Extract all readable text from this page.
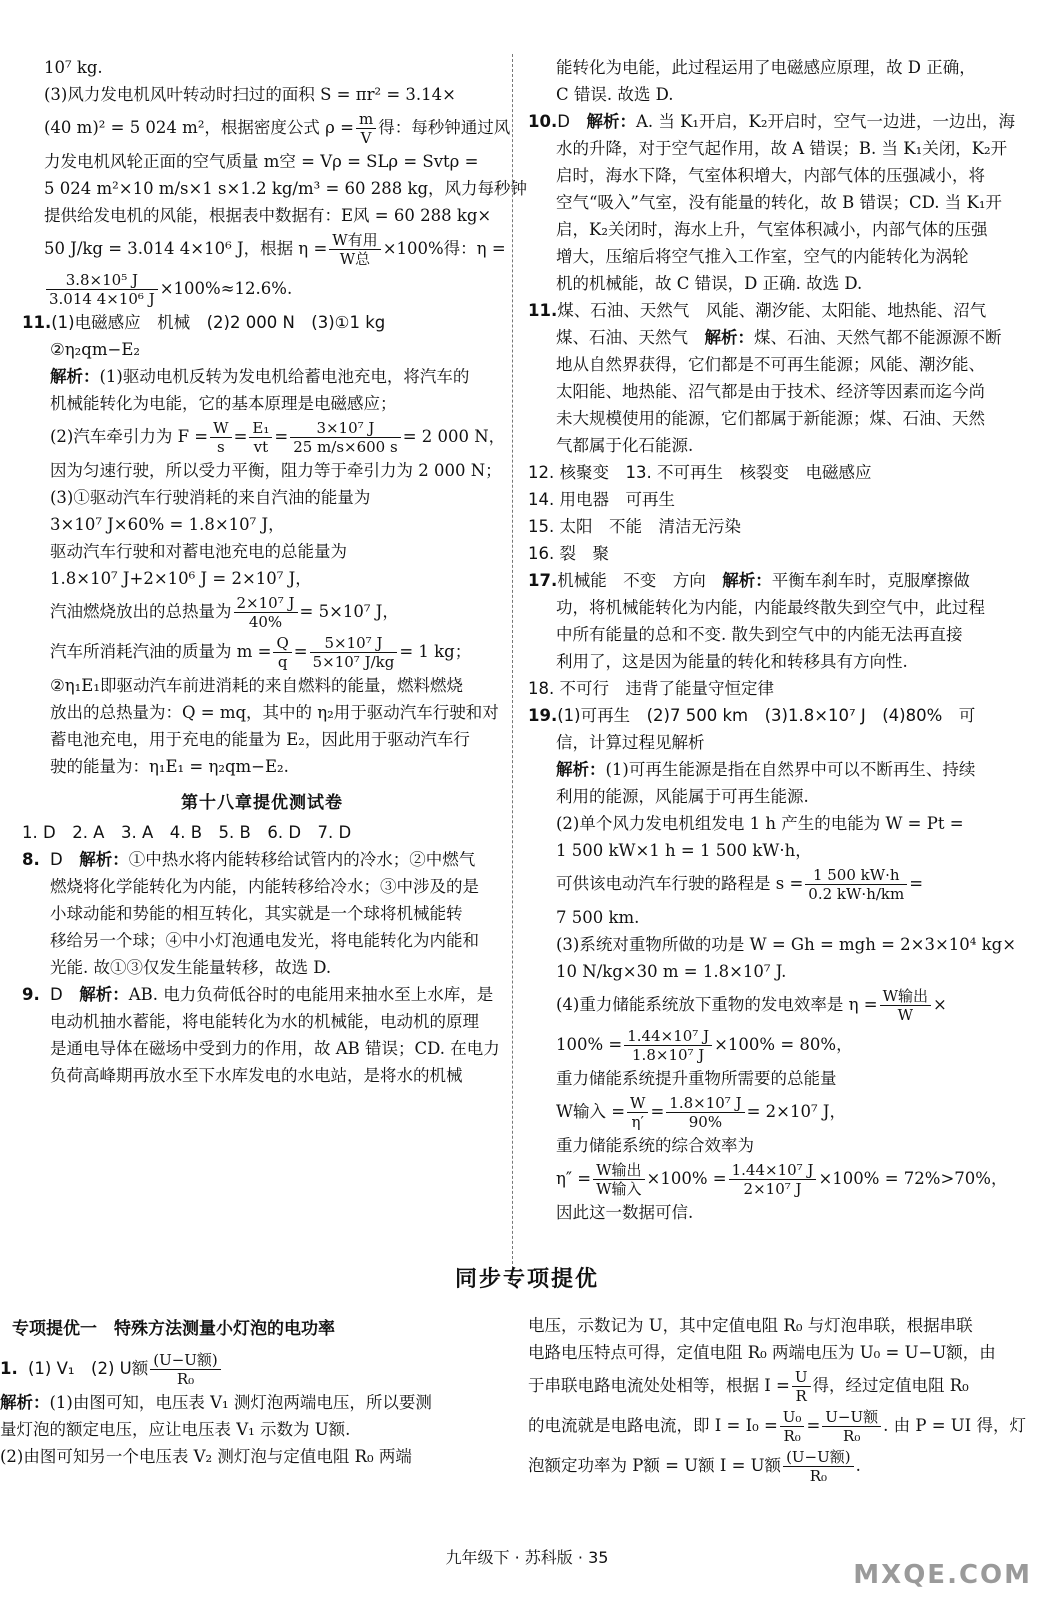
10⁷ kg.

(3)风力发电机风叶转动时扫过的面积 S = πr² = 3.14×

(40 m)² = 5 024 m²，根据密度公式 $\rho = \frac{m}{V}$ 得：每秒钟通过风

力发电机风轮正面的空气质量 m空 = Vρ = SLρ = Svtρ =

5 024 m²×10 m/s×1 s×1.2 kg/m³ = 60 288 kg，风力每秒钟

提供给发电机的风能，根据表中数据有：E风 = 60 288 kg×

50 J/kg = 3.014 4×10⁶ J，根据 $\eta = \frac{\text{W有用}}{\text{W总}} \times 100\%$得：η =

$\frac{\text{3.8×10⁵ J}}{\text{3.014 4×10⁶ J}} \times 100\%\approx 12.6\%$.

11.(1)电磁感应　机械　(2)2 000 N　(3)①1 kg

②η₂qm−E₂

解析：(1)驱动电机反转为发电机给蓄电池充电，将汽车的

机械能转化为电能，它的基本原理是电磁感应；

(2)汽车牵引力为 $F = \frac{W}{s} = \frac{\text{E₁}}{vt} = \frac{\text{3×10⁷ J}}{25 m/s\times 600 s} = 2$ 000 N，

因为匀速行驶，所以受力平衡，阻力等于牵引力为 2 000 N；

(3)①驱动汽车行驶消耗的来自汽油的能量为

3×10⁷ J×60% = 1.8×10⁷ J，

驱动汽车行驶和对蓄电池充电的总能量为

1.8×10⁷ J+2×10⁶ J = 2×10⁷ J，

汽油燃烧放出的总热量为 $\frac{\text{2×10⁷ J}}{40\%} = 5\times 10^7$ J，

汽车所消耗汽油的质量为 $m = \frac{Q}{q} = \frac{\text{5×10⁷ J}}{\text{5×10⁷ J/kg}} = 1$ kg；

②η₁E₁即驱动汽车前进消耗的来自燃料的能量，燃料燃烧

放出的总热量为：Q = mq，其中的 η₂用于驱动汽车行驶和对

蓄电池充电，用于充电的能量为 E₂，因此用于驱动汽车行

驶的能量为：η₁E₁ = η₂qm−E₂.

第十八章提优测试卷

1. D　2. A　3. A　4. B　5. B　6. D　7. D

8. D　解析：①中热水将内能转移给试管内的冷水；②中燃气

燃烧将化学能转化为内能，内能转移给冷水；③中涉及的是

小球动能和势能的相互转化，其实就是一个球将机械能转

移给另一个球；④中小灯泡通电发光，将电能转化为内能和

光能. 故①③仅发生能量转移，故选 D.

9. D　解析：AB. 电力负荷低谷时的电能用来抽水至上水库，是

电动机抽水蓄能，将电能转化为水的机械能，电动机的原理

是通电导体在磁场中受到力的作用，故 AB 错误；CD. 在电力

负荷高峰期再放水至下水库发电的水电站，是将水的机械

能转化为电能，此过程运用了电磁感应原理，故 D 正确，

C 错误. 故选 D.

10.D　解析：A. 当 K₁开启，K₂开启时，空气一边进，一边出，海

水的升降，对于空气起作用，故 A 错误；B. 当 K₁关闭，K₂开

启时，海水下降，气室体积增大，内部气体的压强减小，将

空气“吸入”气室，没有能量的转化，故 B 错误；CD. 当 K₁开

启，K₂关闭时，海水上升，气室体积减小，内部气体的压强

增大，压缩后将空气推入工作室，空气的内能转化为涡轮

机的机械能，故 C 错误，D 正确. 故选 D.

11.煤、石油、天然气　风能、潮汐能、太阳能、地热能、沼气

煤、石油、天然气　解析：煤、石油、天然气都不能源源不断

地从自然界获得，它们都是不可再生能源；风能、潮汐能、

太阳能、地热能、沼气都是由于技术、经济等因素而迄今尚

未大规模使用的能源，它们都属于新能源；煤、石油、天然

气都属于化石能源.

12. 核聚变　13. 不可再生　核裂变　电磁感应

14. 用电器　可再生

15. 太阳　不能　清洁无污染

16. 裂　聚

17.机械能　不变　方向　解析：平衡车刹车时，克服摩擦做

功，将机械能转化为内能，内能最终散失到空气中，此过程

中所有能量的总和不变. 散失到空气中的内能无法再直接

利用了，这是因为能量的转化和转移具有方向性.

18. 不可行　违背了能量守恒定律

19.(1)可再生　(2)7 500 km　(3)1.8×10⁷ J　(4)80%　可

信，计算过程见解析

解析：(1)可再生能源是指在自然界中可以不断再生、持续

利用的能源，风能属于可再生能源.

(2)单个风力发电机组发电 1 h 产生的电能为 W = Pt =

1 500 kW×1 h = 1 500 kW·h，

可供该电动汽车行驶的路程是 $s = \frac{1 500 kW\cdot h}{0.2 kW\cdot h/km}$ =

7 500 km.

(3)系统对重物所做的功是 W = Gh = mgh = 2×3×10⁴ kg×

10 N/kg×30 m = 1.8×10⁷ J.

(4)重力储能系统放下重物的发电效率是 $\eta = \frac{\text{W输出}}{W}$ ×

$100\% = \frac{\text{1.44×10⁷ J}}{\text{1.8×10⁷ J}} \times 100\% = 80\%$，

重力储能系统提升重物所需要的总能量

W输入 = $\frac{W}{\eta'} = \frac{\text{1.8×10⁷ J}}{90\%} = 2\times 10^7$ J，

重力储能系统的综合效率为

$\eta'' = \frac{\text{W输出}}{\text{W输入}} \times 100\% = \frac{\text{1.44×10⁷ J}}{\text{2×10⁷ J}} \times 100\% = 72\%>70\%$，

因此这一数据可信.

同步专项提优
专项提优一　特殊方法测量小灯泡的电功率

1. (1) V₁　(2) U额 $\frac{\text{(U−U额)}}{\text{R₀}}$

解析：(1)由图可知，电压表 V₁ 测灯泡两端电压，所以要测

量灯泡的额定电压，应让电压表 V₁ 示数为 U额.

(2)由图可知另一个电压表 V₂ 测灯泡与定值电阻 R₀ 两端

电压，示数记为 U，其中定值电阻 R₀ 与灯泡串联，根据串联

电路电压特点可得，定值电阻 R₀ 两端电压为 U₀ = U−U额，由

于串联电路电流处处相等，根据 $I = \frac{U}{R}$ 得，经过定值电阻 R₀

的电流就是电路电流，即 $I = I_0 = \frac{\text{U₀}}{\text{R₀}} = \frac{\text{U−U额}}{\text{R₀}}$ . 由 P = UI 得，灯

泡额定功率为 P额 = U额 I = U额 $\frac{\text{(U−U额)}}{\text{R₀}}$ .

九年级下 · 苏科版 · 35
MXQE.COM
